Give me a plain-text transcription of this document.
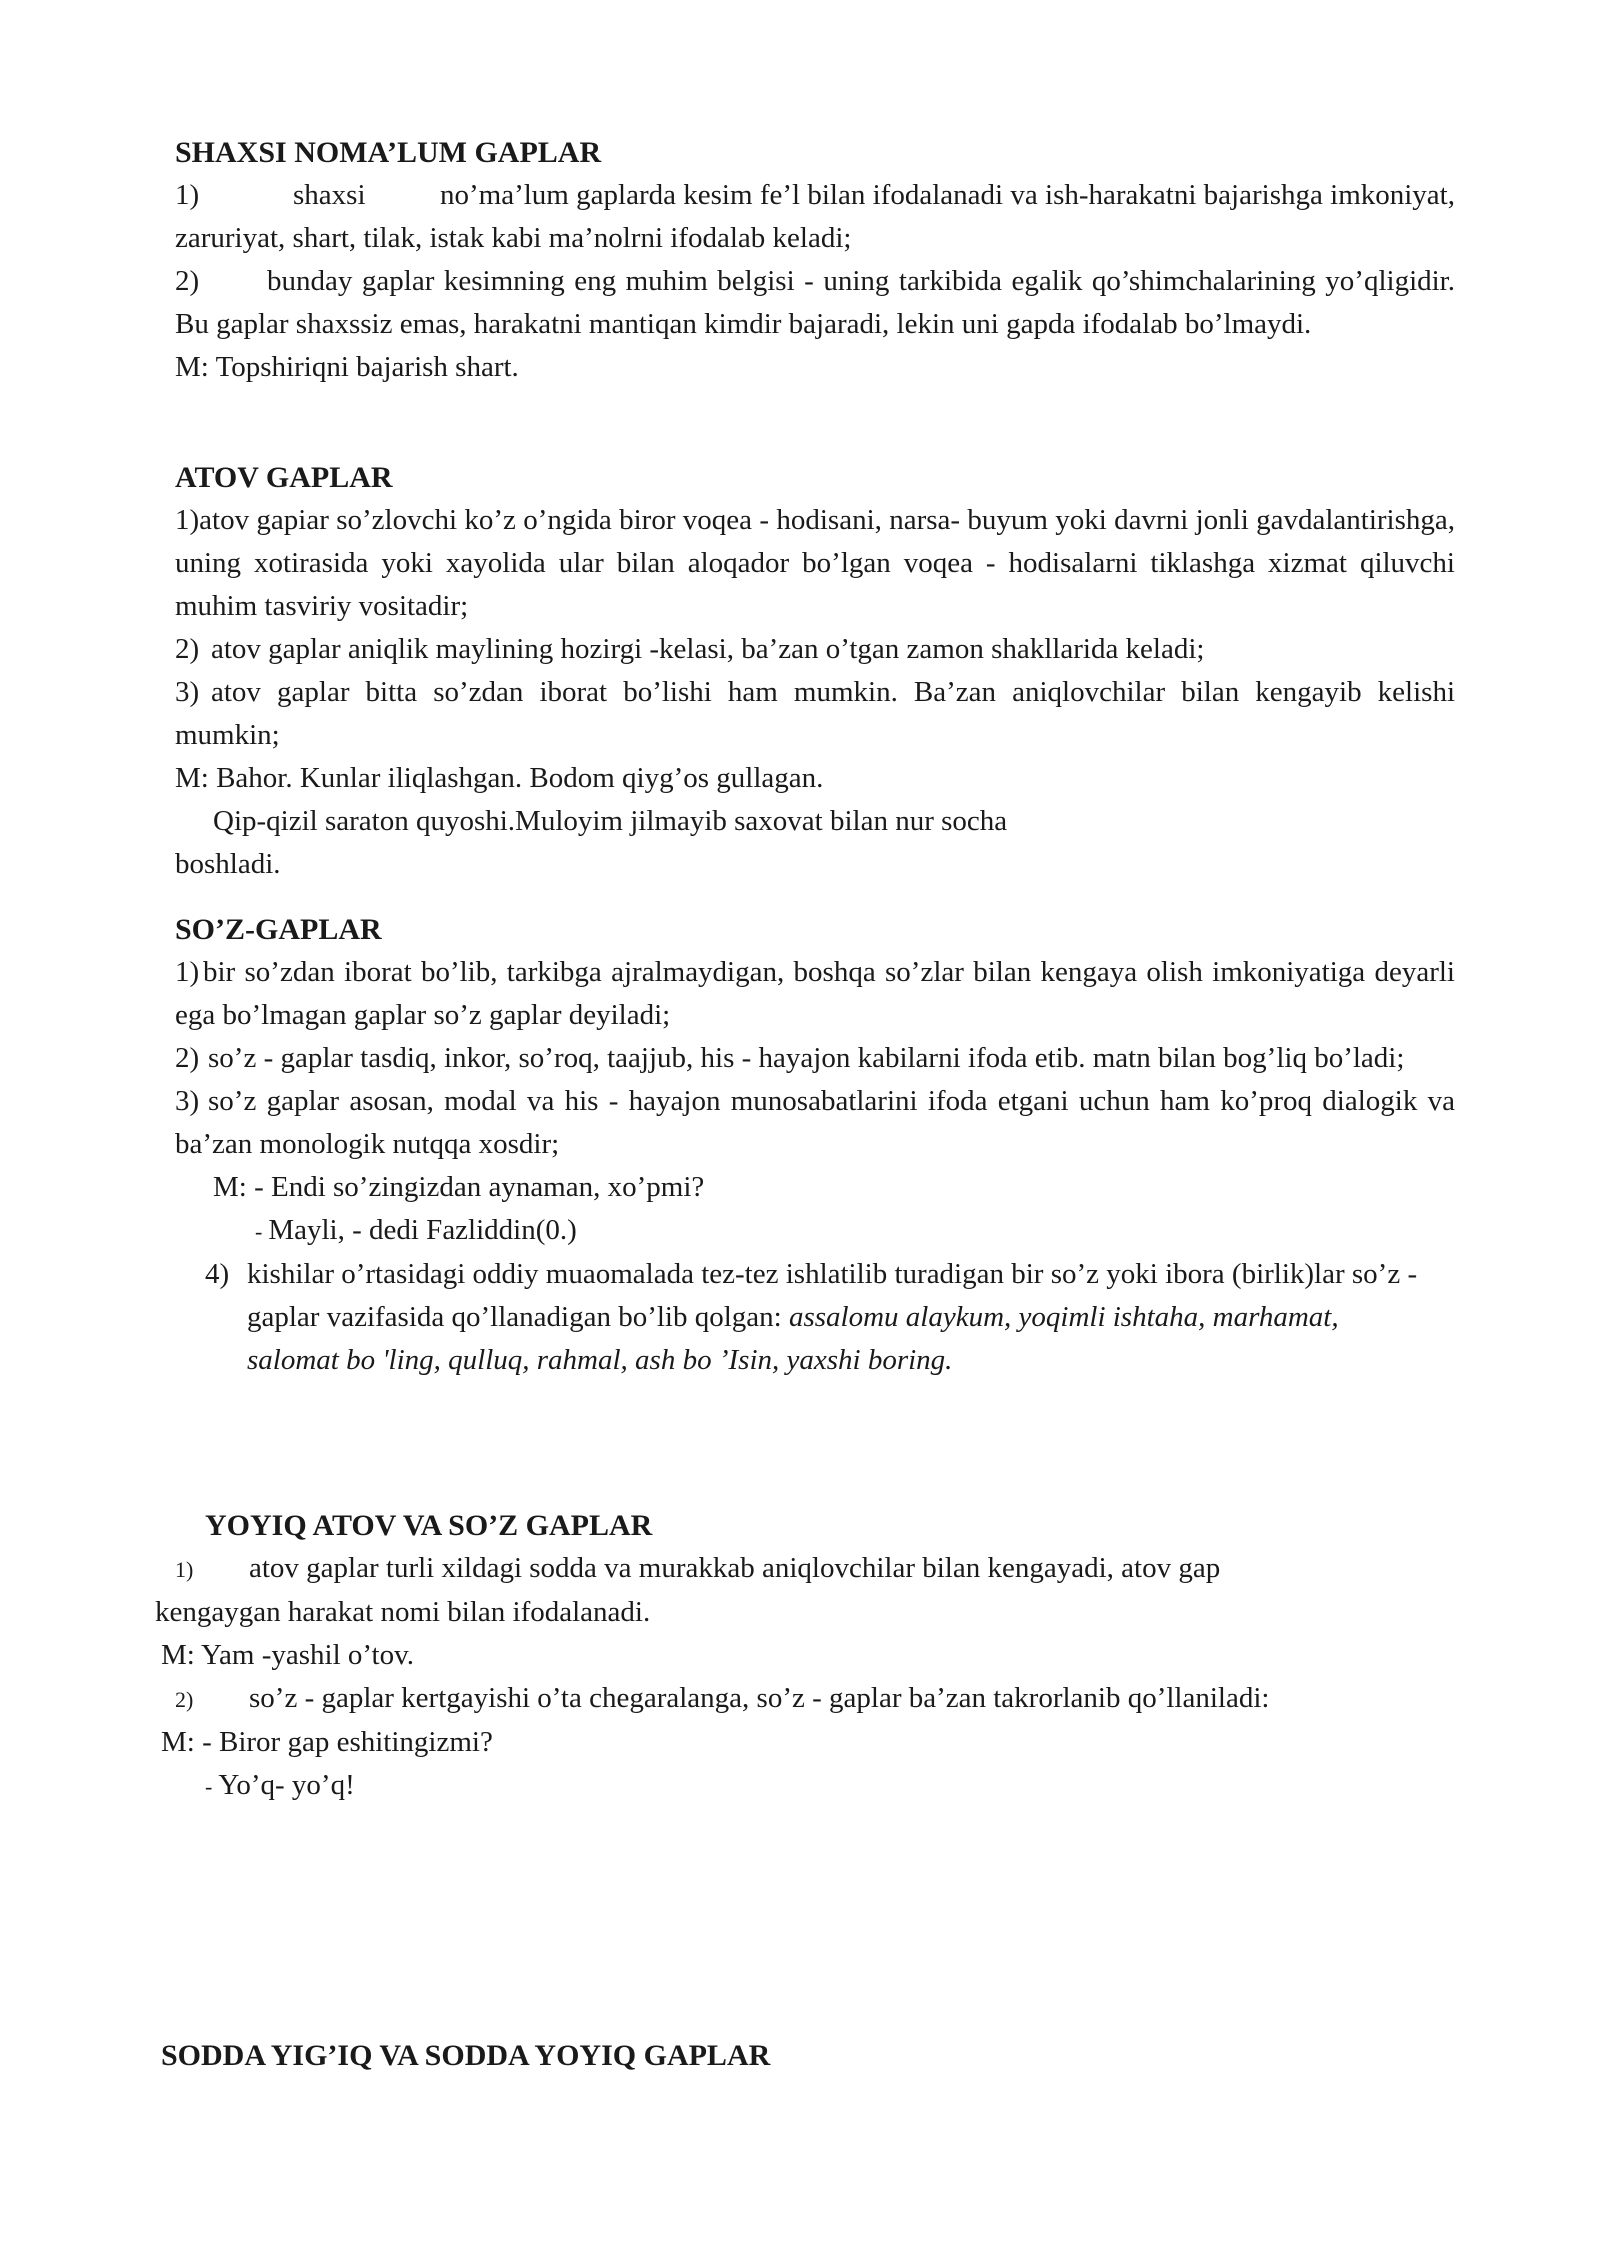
SHAXSI NOMA’LUM GAPLAR

1)	shaxsi	no’ma’lum gaplarda kesim fe’l bilan ifodalanadi va ish-harakatni bajarishga imkoniyat, zaruriyat, shart, tilak, istak kabi ma’nolrni ifodalab keladi;

2) bunday gaplar kesimning eng muhim belgisi - uning tarkibida egalik qo’shimchalarining yo’qligidir. Bu gaplar shaxssiz emas, harakatni mantiqan kimdir bajaradi, lekin uni gapda ifodalab bo’lmaydi.

M: Topshiriqni bajarish shart.

ATOV GAPLAR

1)atov gapiar so’zlovchi ko’z o’ngida biror voqea - hodisani, narsa- buyum yoki davrni jonli gavdalantirishga, uning xotirasida yoki xayolida ular bilan aloqador bo’lgan voqea - hodisalarni tiklashga xizmat qiluvchi muhim tasviriy vositadir;

2) atov gaplar aniqlik maylining hozirgi -kelasi, ba’zan o’tgan zamon shakllarida keladi;

3) atov gaplar bitta so’zdan iborat bo’lishi ham mumkin. Ba’zan aniqlovchilar bilan kengayib kelishi mumkin;

M: Bahor. Kunlar iliqlashgan. Bodom qiyg’os gullagan.

Qip-qizil saraton quyoshi.Muloyim jilmayib saxovat bilan nur socha

boshladi.

SO’Z-GAPLAR

1) bir so’zdan iborat bo’lib, tarkibga ajralmaydigan, boshqa so’zlar bilan kengaya olish imkoniyatiga deyarli ega bo’lmagan gaplar so’z gaplar deyiladi;

2) so’z - gaplar tasdiq, inkor, so’roq, taajjub, his - hayajon kabilarni ifoda etib. matn bilan bog’liq bo’ladi;

3) so’z gaplar asosan, modal va his - hayajon munosabatlarini ifoda etgani uchun ham ko’proq dialogik va ba’zan monologik nutqqa xosdir;

M: - Endi so’zingizdan aynaman, xo’pmi?

- Mayli, - dedi Fazliddin(0.)

4) kishilar o’rtasidagi oddiy muaomalada tez-tez ishlatilib turadigan bir so’z yoki ibora (birlik)lar so’z -gaplar vazifasida qo’llanadigan bo’lib qolgan: assalomu alaykum, yoqimli ishtaha, marhamat, salomat bo 'ling, qulluq, rahmal, ash bo ’Isin, yaxshi boring.

YOYIQ ATOV VA SO’Z GAPLAR

1) atov gaplar turli xildagi sodda va murakkab aniqlovchilar bilan kengayadi, atov gap

kengaygan harakat nomi bilan ifodalanadi.

M: Yam -yashil o’tov.

2) so’z - gaplar kertgayishi o’ta chegaralanga, so’z - gaplar ba’zan takrorlanib qo’llaniladi:

M: - Biror gap eshitingizmi?

- Yo’q- yo’q!

SODDA YIG’IQ VA SODDA YOYIQ GAPLAR
